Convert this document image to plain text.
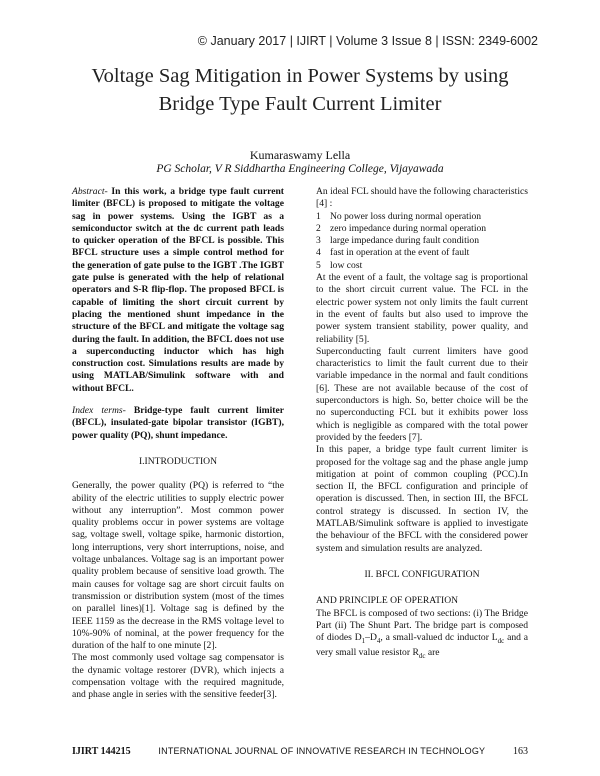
© January 2017 | IJIRT | Volume 3 Issue 8 | ISSN: 2349-6002
Voltage Sag Mitigation in Power Systems by using
Bridge Type Fault Current Limiter
Kumaraswamy Lella
PG Scholar, V R Siddhartha Engineering College, Vijayawada

Abstract- In this work, a bridge type fault current limiter (BFCL) is proposed to mitigate the voltage sag in power systems. Using the IGBT as a semiconductor switch at the dc current path leads to quicker operation of the BFCL is possible. This BFCL structure uses a simple control method for the generation of gate pulse to the IGBT .The IGBT gate pulse is generated with the help of relational operators and S-R flip-flop. The proposed BFCL is capable of limiting the short circuit current by placing the mentioned shunt impedance in the structure of the BFCL and mitigate the voltage sag during the fault. In addition, the BFCL does not use a superconducting inductor which has high construction cost. Simulations results are made by using MATLAB/Simulink software with and without BFCL.

Index terms- Bridge-type fault current limiter (BFCL), insulated-gate bipolar transistor (IGBT), power quality (PQ), shunt impedance.

I.INTRODUCTION

Generally, the power quality (PQ) is referred to “the ability of the electric utilities to supply electric power without any interruption”. Most common power quality problems occur in power systems are voltage sag, voltage swell, voltage spike, harmonic distortion, long interruptions, very short interruptions, noise, and voltage unbalances. Voltage sag is an important power quality problem because of sensitive load growth. The main causes for voltage sag are short circuit faults on transmission or distribution system (most of the times on parallel lines)[1]. Voltage sag is defined by the IEEE 1159 as the decrease in the RMS voltage level to 10%-90% of nominal, at the power frequency for the duration of the half to one minute [2].

The most commonly used voltage sag compensator is the dynamic voltage restorer (DVR), which injects a compensation voltage with the required magnitude, and phase angle in series with the sensitive feeder[3].

An ideal FCL should have the following characteristics [4] :

1 No power loss during normal operation
2 zero impedance during normal operation
3 large impedance during fault condition
4 fast in operation at the event of fault
5 low cost

At the event of a fault, the voltage sag is proportional to the short circuit current value. The FCL in the electric power system not only limits the fault current in the event of faults but also used to improve the power system transient stability, power quality, and reliability [5].

Superconducting fault current limiters have good characteristics to limit the fault current due to their variable impedance in the normal and fault conditions [6]. These are not available because of the cost of superconductors is high. So, better choice will be the no superconducting FCL but it exhibits power loss which is negligible as compared with the total power provided by the feeders [7].

In this paper, a bridge type fault current limiter is proposed for the voltage sag and the phase angle jump mitigation at point of common coupling (PCC).In section II, the BFCL configuration and principle of operation is discussed. Then, in section III, the BFCL control strategy is discussed. In section IV, the MATLAB/Simulink software is applied to investigate the behaviour of the BFCL with the considered power system and simulation results are analyzed.

II. BFCL CONFIGURATION
AND PRINCIPLE OF OPERATION

The BFCL is composed of two sections: (i) The Bridge Part (ii) The Shunt Part. The bridge part is composed of diodes $D_1-D_4$, a small-valued dc inductor $L_{dc}$ and a very small value resistor $R_{dc}$ are

IJIRT 144215	INTERNATIONAL JOURNAL OF INNOVATIVE RESEARCH IN TECHNOLOGY	163
